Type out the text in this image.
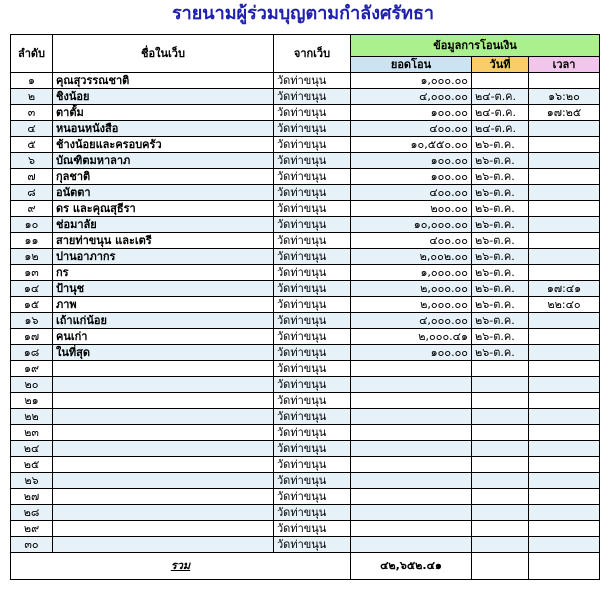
รายนามผู้ร่วมบุญตามกำลังศรัทธา
ลำดับ	ชื่อในเว็บ	จากเว็บ	ข้อมูลการโอนเงิน		
			ยอดโอน	วันที่	เวลา
๑	คุณสุวรรณชาติ	วัดท่าขนุน	๑,๐๐๐.๐๐		
๒	ชิงน้อย	วัดท่าขนุน	๔,๐๐๐.๐๐	๒๔-ต.ค.	๑๖:๒๐
๓	ตาตั้ม	วัดท่าขนุน	๑๐๐.๐๐	๒๔-ต.ค.	๑๗:๒๕
๔	หนอนหนังสือ	วัดท่าขนุน	๔๐๐.๐๐	๒๔-ต.ค.	
๕	ช้างน้อยและครอบครัว	วัดท่าขนุน	๑๐,๕๕๐.๐๐	๒๖-ต.ค.	
๖	บัณฑิตมหาลาภ	วัดท่าขนุน	๑๐๐.๐๐	๒๖-ต.ค.	
๗	กุลชาติ	วัดท่าขนุน	๑๐๐.๐๐	๒๖-ต.ค.	
๘	อนัตตา	วัดท่าขนุน	๔๐๐.๐๐	๒๖-ต.ค.	
๙	ดร และคุณสุธีรา	วัดท่าขนุน	๒๐๐.๐๐	๒๖-ต.ค.	
๑๐	ช่อมาลัย	วัดท่าขนุน	๑๐,๐๐๐.๐๐	๒๖-ต.ค.	
๑๑	สายท่าขนุน และเตรี	วัดท่าขนุน	๔๐๐.๐๐	๒๖-ต.ค.	
๑๒	ปานอาภากร	วัดท่าขนุน	๒,๐๐๒.๐๐	๒๖-ต.ค.	
๑๓	กร	วัดท่าขนุน	๑,๐๐๐.๐๐	๒๖-ต.ค.	
๑๔	ป้านุช	วัดท่าขนุน	๒,๐๐๐.๐๐	๒๖-ต.ค.	๑๗:๔๑
๑๕	ภาพ	วัดท่าขนุน	๒,๐๐๐.๐๐	๒๖-ต.ค.	๒๒:๔๐
๑๖	เถ้าแก่น้อย	วัดท่าขนุน	๔,๐๐๐.๐๐	๒๖-ต.ค.	
๑๗	คนเก่า	วัดท่าขนุน	๒,๐๐๐.๔๑	๒๖-ต.ค.	
๑๘	ในที่สุด	วัดท่าขนุน	๑๐๐.๐๐	๒๖-ต.ค.	
๑๙		วัดท่าขนุน			
๒๐		วัดท่าขนุน			
๒๑		วัดท่าขนุน			
๒๒		วัดท่าขนุน			
๒๓		วัดท่าขนุน			
๒๔		วัดท่าขนุน			
๒๕		วัดท่าขนุน			
๒๖		วัดท่าขนุน			
๒๗		วัดท่าขนุน			
๒๘		วัดท่าขนุน			
๒๙		วัดท่าขนุน			
๓๐		วัดท่าขนุน			
รวม			๔๒,๖๕๒.๔๑		
